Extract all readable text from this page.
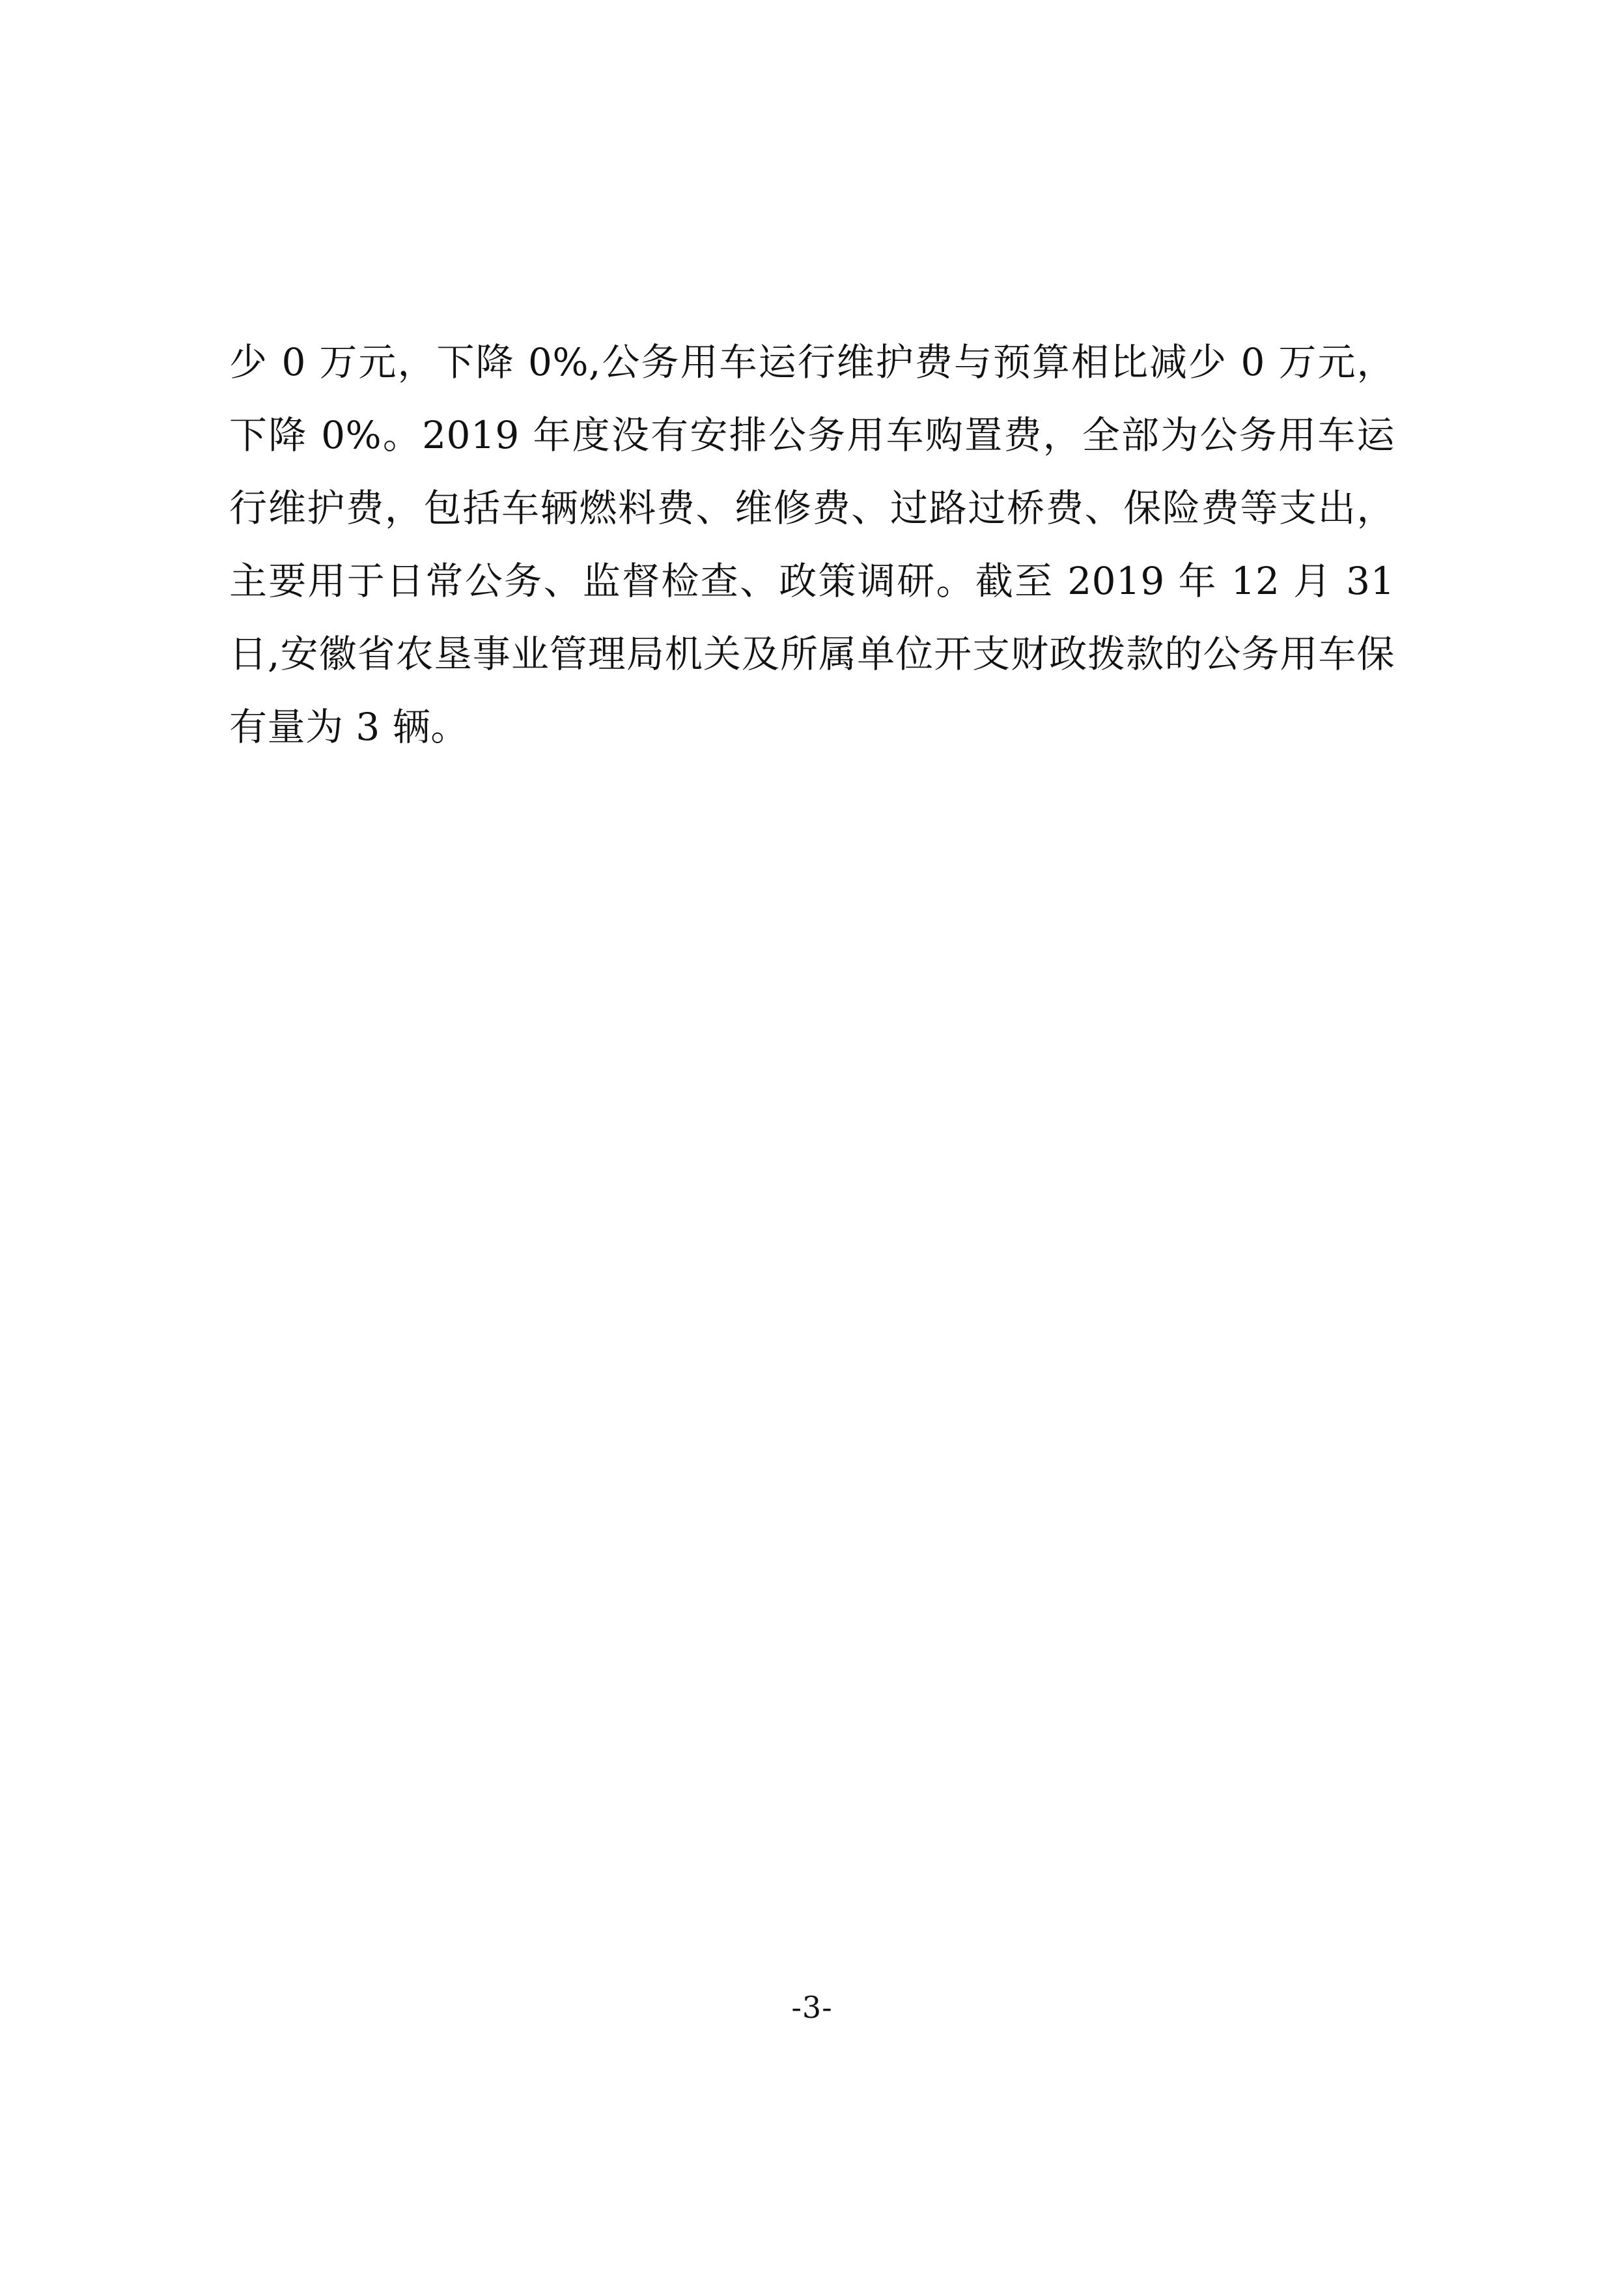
少 0 万元，下降 0%,公务用车运行维护费与预算相比减少 0 万元，下降 0%。2019 年度没有安排公务用车购置费，全部为公务用车运行维护费，包括车辆燃料费、维修费、过路过桥费、保险费等支出，主要用于日常公务、监督检查、政策调研。截至 2019 年 12 月 31 日,安徽省农垦事业管理局机关及所属单位开支财政拨款的公务用车保有量为 3 辆。

-3-
